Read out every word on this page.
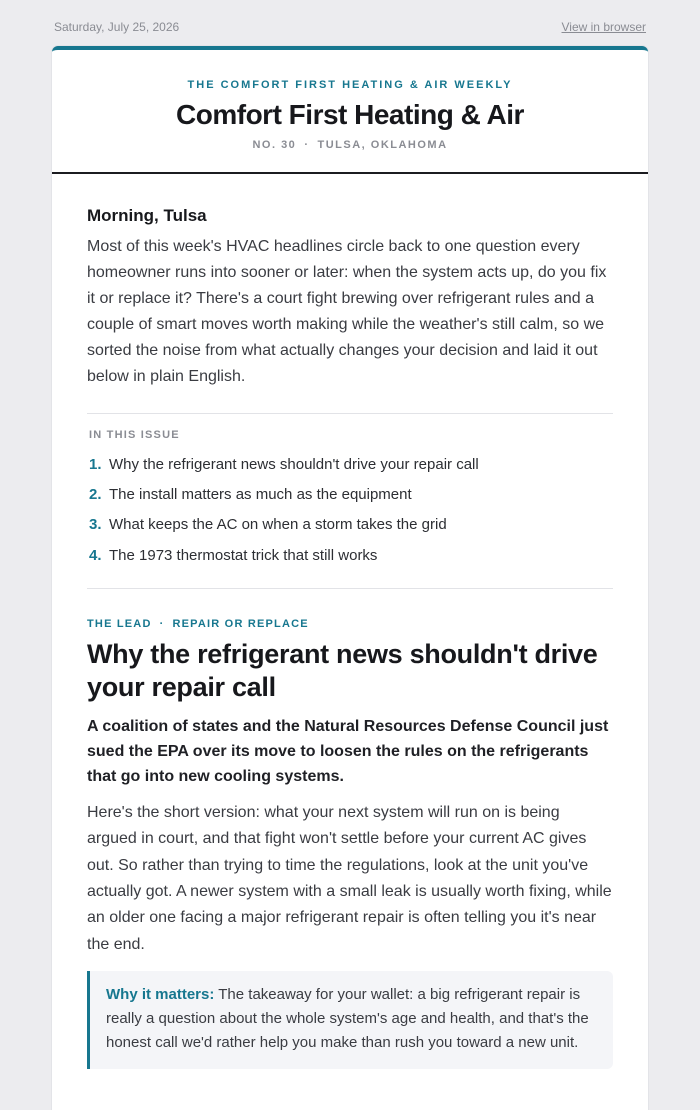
Saturday, July 25, 2026	View in browser
THE COMFORT FIRST HEATING & AIR WEEKLY
Comfort First Heating & Air
NO. 30 · TULSA, OKLAHOMA
Morning, Tulsa
Most of this week's HVAC headlines circle back to one question every homeowner runs into sooner or later: when the system acts up, do you fix it or replace it? There's a court fight brewing over refrigerant rules and a couple of smart moves worth making while the weather's still calm, so we sorted the noise from what actually changes your decision and laid it out below in plain English.
IN THIS ISSUE
1. Why the refrigerant news shouldn't drive your repair call
2. The install matters as much as the equipment
3. What keeps the AC on when a storm takes the grid
4. The 1973 thermostat trick that still works
THE LEAD · REPAIR OR REPLACE
Why the refrigerant news shouldn't drive your repair call
A coalition of states and the Natural Resources Defense Council just sued the EPA over its move to loosen the rules on the refrigerants that go into new cooling systems.
Here's the short version: what your next system will run on is being argued in court, and that fight won't settle before your current AC gives out. So rather than trying to time the regulations, look at the unit you've actually got. A newer system with a small leak is usually worth fixing, while an older one facing a major refrigerant repair is often telling you it's near the end.
Why it matters: The takeaway for your wallet: a big refrigerant repair is really a question about the whole system's age and health, and that's the honest call we'd rather help you make than rush you toward a new unit.
